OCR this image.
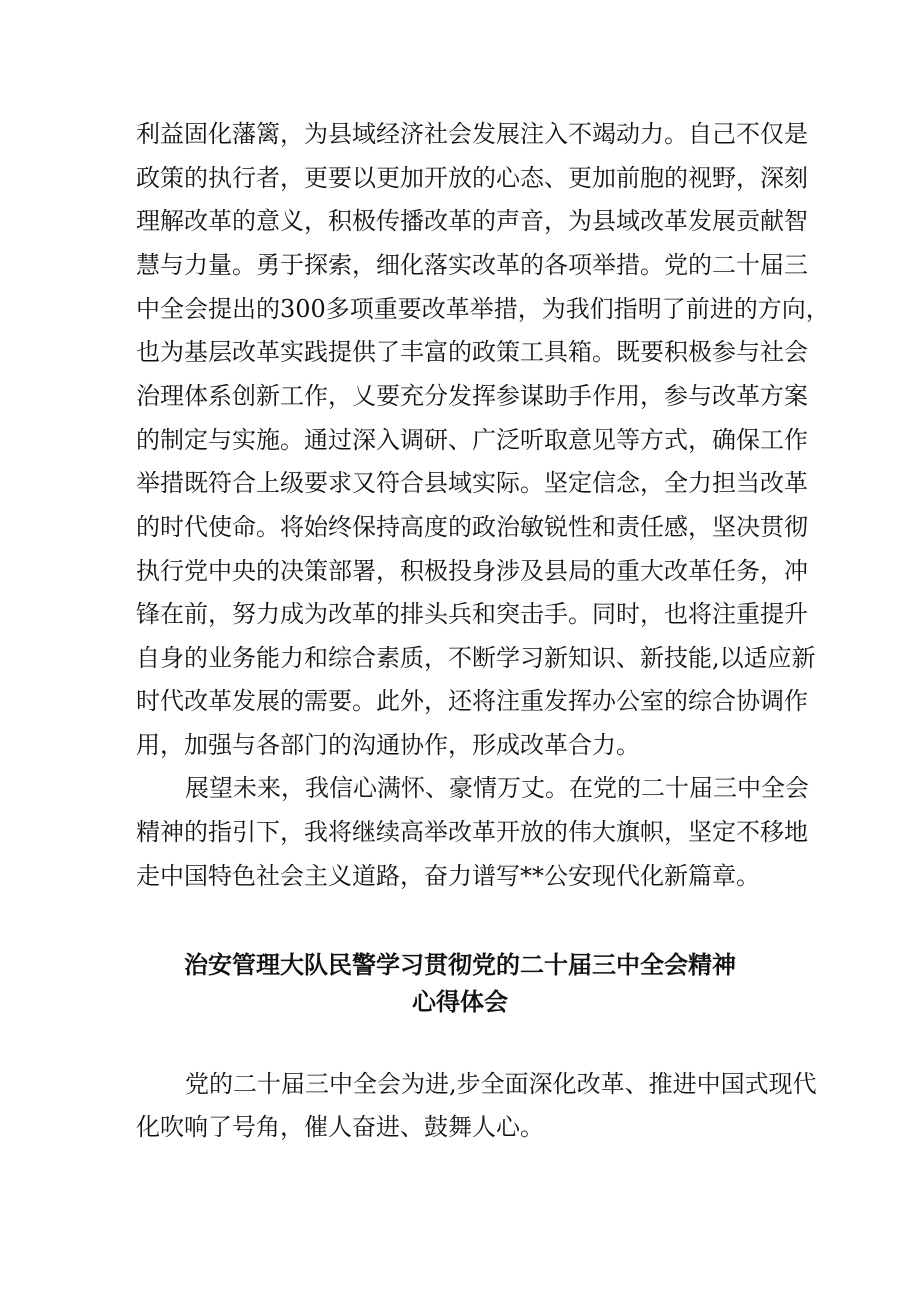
利益固化藩篱，为县域经济社会发展注入不竭动力。自己不仅是
政策的执行者，更要以更加开放的心态、更加前胞的视野，深刻
理解改革的意义，积极传播改革的声音，为县域改革发展贡献智
慧与力量。勇于探索，细化落实改革的各项举措。党的二十届三
中全会提出的300多项重要改革举措，为我们指明了前进的方向，
也为基层改革实践提供了丰富的政策工具箱。既要积极参与社会
治理体系创新工作，乂要充分发挥参谋助手作用，参与改革方案
的制定与实施。通过深入调研、广泛听取意见等方式，确保工作
举措既符合上级要求又符合县域实际。坚定信念，全力担当改革
的时代使命。将始终保持高度的政治敏锐性和责任感，坚决贯彻
执行党中央的决策部署，积极投身涉及县局的重大改革任务，冲
锋在前，努力成为改革的排头兵和突击手。同时，也将注重提升
自身的业务能力和综合素质，不断学习新知识、新技能,以适应新
时代改革发展的需要。此外，还将注重发挥办公室的综合协调作
用，加强与各部门的沟通协作，形成改革合力。
展望未来，我信心满怀、豪情万丈。在党的二十届三中全会
精神的指引下，我将继续高举改革开放的伟大旗帜，坚定不移地
走中国特色社会主义道路，奋力谱写**公安现代化新篇章。
治安管理大队民警学习贯彻党的二十届三中全会精神
心得体会
党的二十届三中全会为进,步全面深化改革、推进中国式现代
化吹响了号角，催人奋进、鼓舞人心。
